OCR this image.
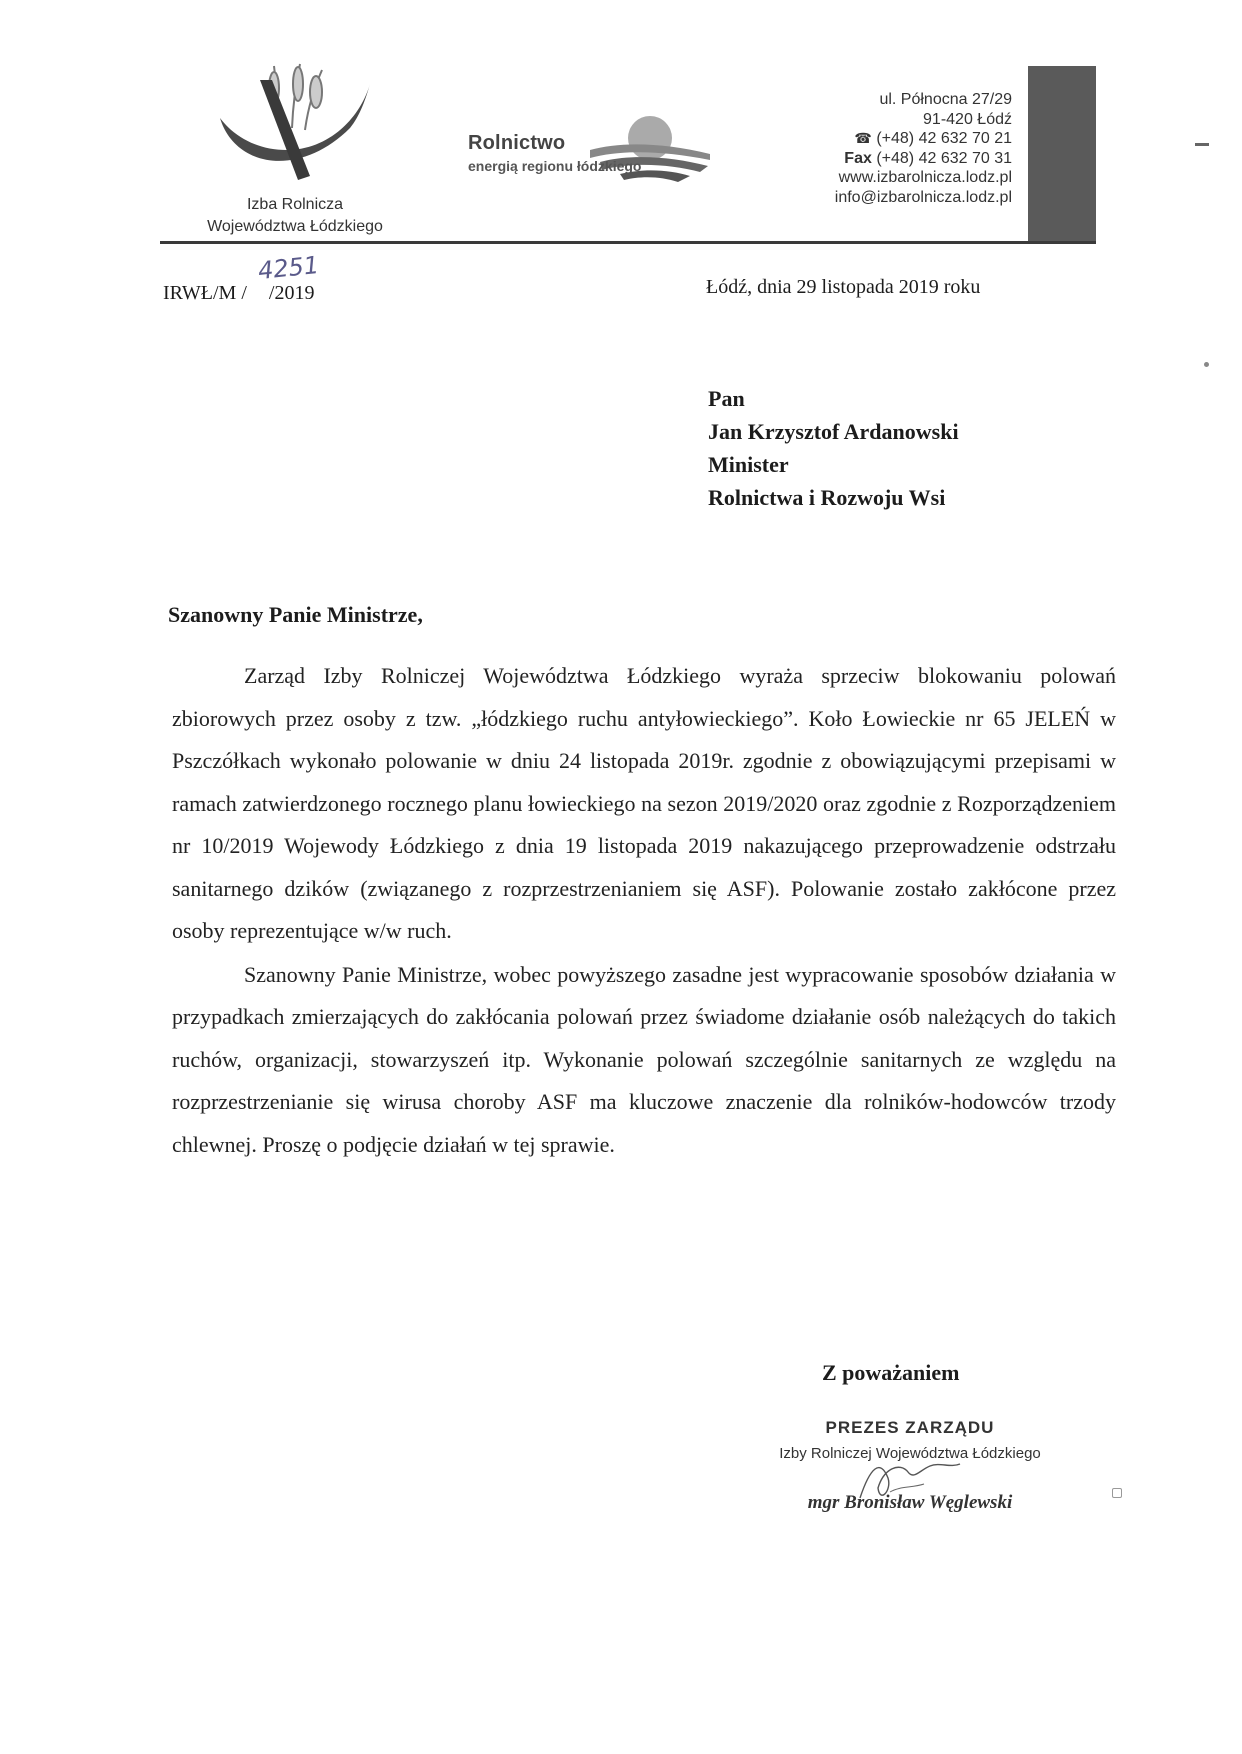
Izba Rolnicza
Województwa Łódzkiego
Rolnictwo
energią regionu łódzkiego
ul. Północna 27/29
91-420 Łódź
☎ (+48) 42 632 70 21
Fax (+48) 42 632 70 31
www.izbarolnicza.lodz.pl
info@izbarolnicza.lodz.pl
IRWŁ/M / /2019
4251
Łódź, dnia 29 listopada 2019 roku
Pan
Jan Krzysztof Ardanowski
Minister
Rolnictwa i Rozwoju Wsi
Szanowny Panie Ministrze,

Zarząd Izby Rolniczej Województwa Łódzkiego wyraża sprzeciw blokowaniu polowań zbiorowych przez osoby z tzw. „łódzkiego ruchu antyłowieckiego”. Koło Łowieckie nr 65 JELEŃ w Pszczółkach wykonało polowanie w dniu 24 listopada 2019r. zgodnie z obowiązującymi przepisami w ramach zatwierdzonego rocznego planu łowieckiego na sezon 2019/2020 oraz zgodnie z Rozporządzeniem nr 10/2019 Wojewody Łódzkiego z dnia 19 listopada 2019 nakazującego przeprowadzenie odstrzału sanitarnego dzików (związanego z rozprzestrzenianiem się ASF). Polowanie zostało zakłócone przez osoby reprezentujące w/w ruch.

Szanowny Panie Ministrze, wobec powyższego zasadne jest wypracowanie sposobów działania w przypadkach zmierzających do zakłócania polowań przez świadome działanie osób należących do takich ruchów, organizacji, stowarzyszeń itp. Wykonanie polowań szczególnie sanitarnych ze względu na rozprzestrzenianie się wirusa choroby ASF ma kluczowe znaczenie dla rolników-hodowców trzody chlewnej. Proszę o podjęcie działań w tej sprawie.

Z poważaniem
PREZES ZARZĄDU
Izby Rolniczej Województwa Łódzkiego
mgr Bronisław Węglewski
